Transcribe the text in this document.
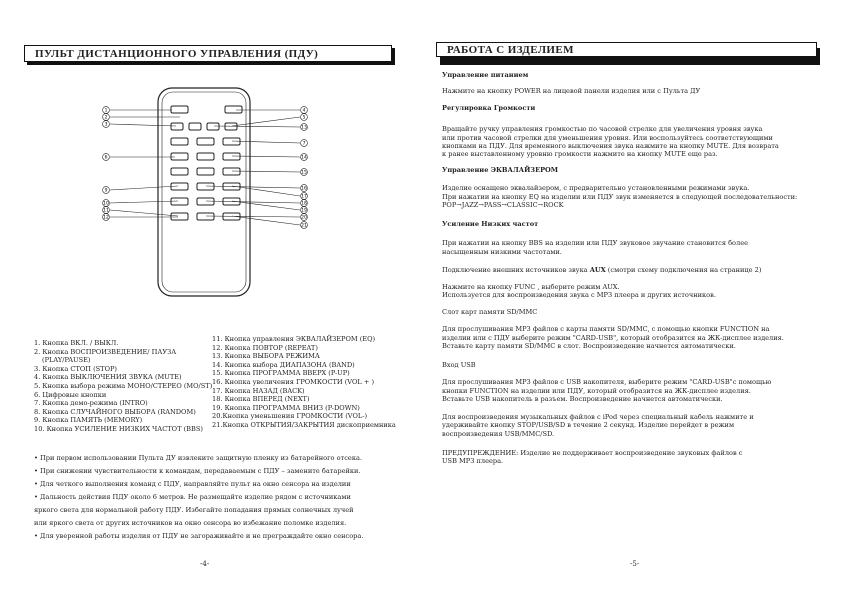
ПУЛЬТ ДИСТАНЦИОННОГО УПРАВЛЕНИЯ (ПДУ)
1
2
3
6
9
10
11
12
4
5
13
7
14
15
16
17
18
19
20
21
1. Кнопка ВКЛ. / ВЫКЛ.
2. Кнопка ВОСПРОИЗВЕДЕНИЕ/ ПАУЗА
(PLAY/PAUSE)
3. Кнопка СТОП (STOP)
4. Кнопка ВЫКЛЮЧЕНИЯ ЗВУКА (MUTE)
5. Кнопка выбора режима МОНО/СТЕРЕО (MO/ST)
6. Цифровые кнопки
7. Кнопка демо-режима (INTRO)
8. Кнопка СЛУЧАЙНОГО ВЫБОРА (RANDOM)
9. Кнопка ПАМЯТЬ (MEMORY)
10. Кнопка УСИЛЕНИЕ НИЗКИХ ЧАСТОТ (BBS)
11. Кнопка управления ЭКВАЛАЙЗЕРОМ (EQ)
12. Кнопка ПОВТОР (REPEAT)
13. Кнопка ВЫБОРА РЕЖИМА
14. Кнопка выбора ДИАПАЗОНА (BAND)
15. Кнопка ПРОГРАММА ВВЕРХ (P-UP)
16. Кнопка увеличения ГРОМКОСТИ (VOL + )
17. Кнопка НАЗАД (BACK)
18. Кнопка ВПЕРЕД (NEXT)
19. Кнопка ПРОГРАММА ВНИЗ (P-DOWN)
20.Кнопка уменьшения ГРОМКОСТИ (VOL-)
21.Кнопка ОТКРЫТИЯ/ЗАКРЫТИЯ дископриемника
• При первом использовании Пульта ДУ извлеките защитную пленку из батарейного отсека.
• При снижении чувствительности к командам, передаваемым с ПДУ – замените батарейки.
• Для четкого выполнения команд с ПДУ, направляйте пульт на окно сенсора на изделии
• Дальность действия ПДУ около 6 метров. Не размещайте изделие рядом с источниками
яркого света для нормальной работу ПДУ. Избегайте попадания прямых солнечных лучей
или яркого света от других источников на окно сенсора во избежание поломке изделия.
• Для уверенной работы изделия от ПДУ не загораживайте и не преграждайте окно сенсора.
-4-
РАБОТА С ИЗДЕЛИЕМ

Управление питанием

Нажмите на кнопку POWER на лицевой панели изделия или с Пульта ДУ

Регулировка Громкости

Вращайте ручку управления громкостью по часовой стрелке для увеличения уровня звука

или против часовой стрелки для уменьшения уровня. Или воспользуйтесь соответствующими

кнопками на ПДУ. Для временного выключения звука нажмите на кнопку MUTE. Для возврата

к ранее выставленному уровню громкости нажмите на кнопку MUTE еще раз.

Управление ЭКВАЛАЙЗЕРОМ

Изделие оснащено эквалайзером, с предварительно установленными режимами звука.

При нажатии на кнопку EQ на изделии или ПДУ звук изменяется в следующей последовательности:

POP→JAZZ→PASS→CLASSIC→ROCK

Усиление Низких частот

При нажатии на кнопку BBS на изделии или ПДУ звуковое звучание становится более

насыщенным низкими частотами.

Подключение внешних источников звука AUX (смотри схему подключения на странице 2)

Нажмите на кнопку FUNC , выберите режим AUX.

Используется для воспроизведения звука с MP3 плеера и других источников.

Слот карт памяти SD/MMC

Для прослушивания MP3 файлов с карты памяти SD/MMC, с помощью кнопки FUNCTION на

изделии или с ПДУ выберите режим "CARD-USB", который отобразится на ЖК-дисплее изделия.

Вставьте карту памяти SD/MMC в слот. Воспроизведение начнется автоматически.

Вход USB

Для прослушивания MP3 файлов с USB накопителя, выберите режим "CARD-USB"с помощью

кнопки FUNCTION на изделии или ПДУ, который отобразится на ЖК-дисплее изделия.

Вставьте USB накопитель в разъем. Воспроизведение начнется автоматически.

Для воспроизведения музыкальных файлов с iPod через специальный кабель нажмите и

удерживайте кнопку STOP/USB/SD в течение 2 секунд. Изделие перейдет в режим

воспроизведения USB/MMC/SD.

ПРЕДУПРЕЖДЕНИЕ: Изделие не поддерживает воспроизведение звуковых файлов с

USB MP3 плеера.

-5-
